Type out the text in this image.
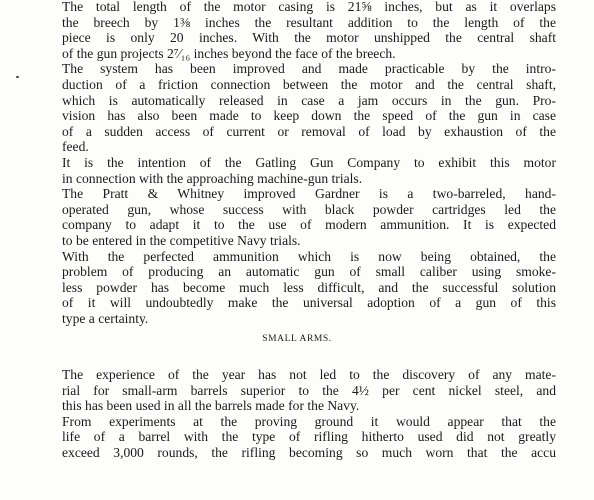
The total length of the motor casing is 21⅝ inches, but as it overlaps
the breech by 1⅜ inches the resultant addition to the length of the
piece is only 20 inches. With the motor unshipped the central shaft
of the gun projects 2⁷⁄₁₆ inches beyond the face of the breech.
The system has been improved and made practicable by the intro-
duction of a friction connection between the motor and the central shaft,
which is automatically released in case a jam occurs in the gun. Pro-
vision has also been made to keep down the speed of the gun in case
of a sudden access of current or removal of load by exhaustion of the
feed.
It is the intention of the Gatling Gun Company to exhibit this motor
in connection with the approaching machine-gun trials.
The Pratt & Whitney improved Gardner is a two-barreled, hand-
operated gun, whose success with black powder cartridges led the
company to adapt it to the use of modern ammunition. It is expected
to be entered in the competitive Navy trials.
With the perfected ammunition which is now being obtained, the
problem of producing an automatic gun of small caliber using smoke-
less powder has become much less difficult, and the successful solution
of it will undoubtedly make the universal adoption of a gun of this
type a certainty.
SMALL ARMS.
The experience of the year has not led to the discovery of any mate-
rial for small-arm barrels superior to the 4½ per cent nickel steel, and
this has been used in all the barrels made for the Navy.
From experiments at the proving ground it would appear that the
life of a barrel with the type of rifling hitherto used did not greatly
exceed 3,000 rounds, the rifling becoming so much worn that the accu
